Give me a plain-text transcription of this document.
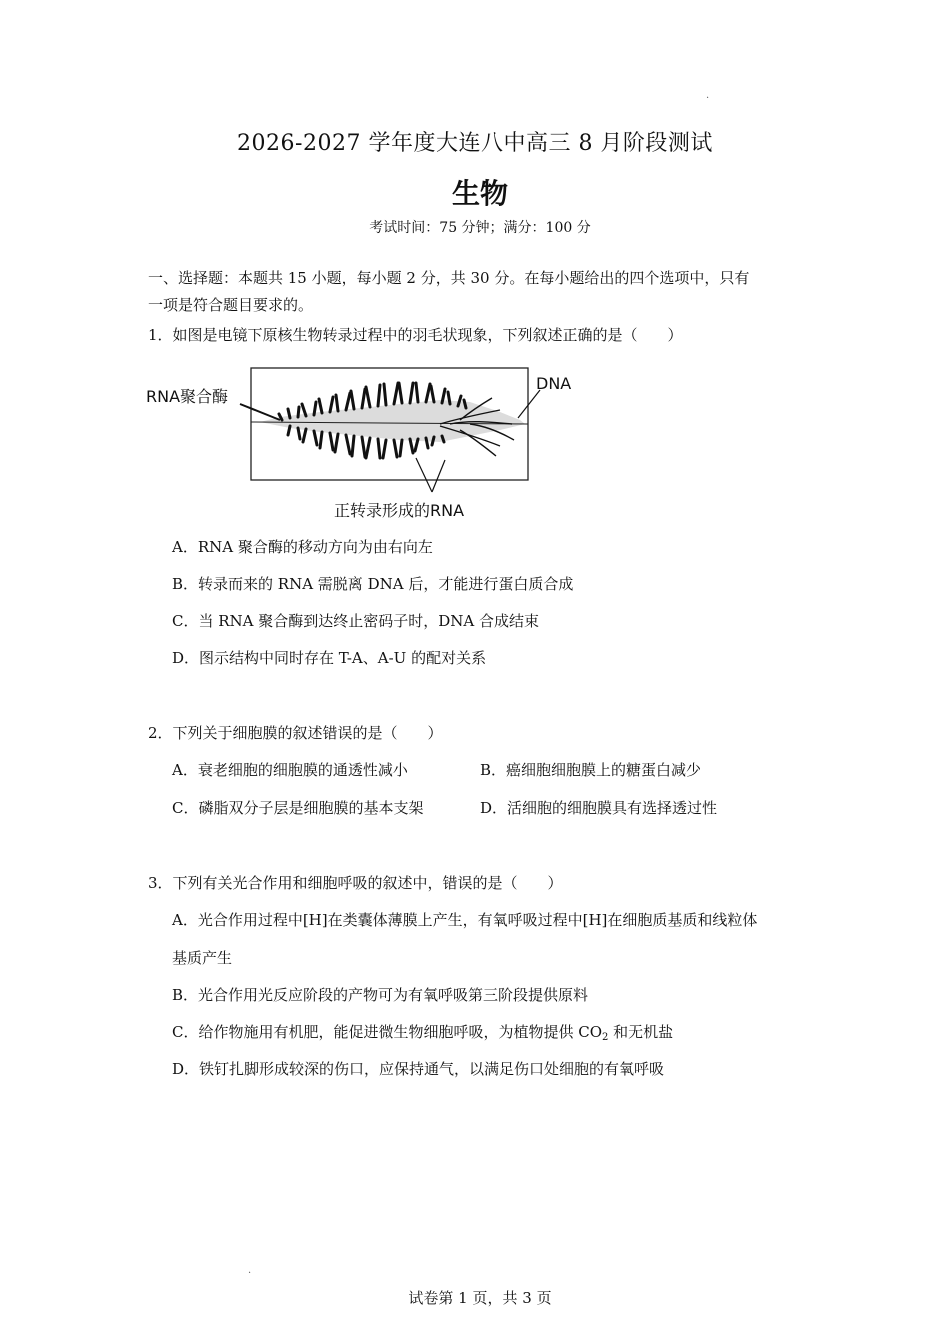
·
2026-2027 学年度大连八中高三 8 月阶段测试
生物
考试时间：75 分钟；满分：100 分
一、选择题：本题共 15 小题，每小题 2 分，共 30 分。在每小题给出的四个选项中，只有
一项是符合题目要求的。
1．如图是电镜下原核生物转录过程中的羽毛状现象，下列叙述正确的是（　　）
RNA聚合酶
DNA
正转录形成的RNA
A．RNA 聚合酶的移动方向为由右向左
B．转录而来的 RNA 需脱离 DNA 后，才能进行蛋白质合成
C．当 RNA 聚合酶到达终止密码子时，DNA 合成结束
D．图示结构中同时存在 T-A、A-U 的配对关系
2．下列关于细胞膜的叙述错误的是（　　）
A．衰老细胞的细胞膜的通透性减小	B．癌细胞细胞膜上的糖蛋白减少
C．磷脂双分子层是细胞膜的基本支架	D．活细胞的细胞膜具有选择透过性
3．下列有关光合作用和细胞呼吸的叙述中，错误的是（　　）
A．光合作用过程中[H]在类囊体薄膜上产生，有氧呼吸过程中[H]在细胞质基质和线粒体
基质产生
B．光合作用光反应阶段的产物可为有氧呼吸第三阶段提供原料
C．给作物施用有机肥，能促进微生物细胞呼吸，为植物提供 $CO_2$ 和无机盐
D．铁钉扎脚形成较深的伤口，应保持通气，以满足伤口处细胞的有氧呼吸
·
试卷第 1 页，共 3 页
